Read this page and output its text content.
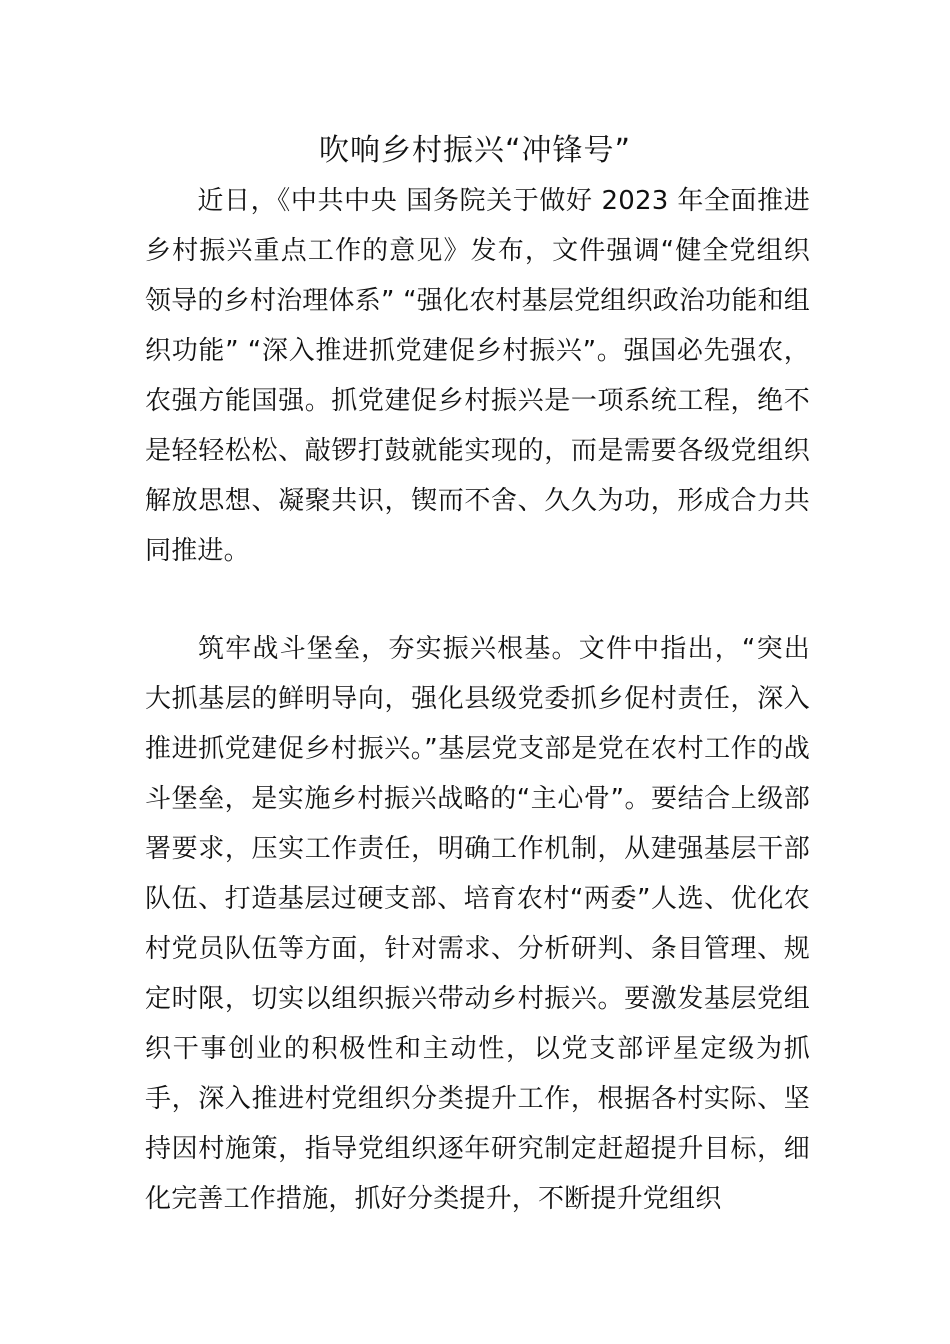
吹响乡村振兴“冲锋号”

近日，《中共中央 国务院关于做好 2023 年全面推进乡村振兴重点工作的意见》发布，文件强调“健全党组织领导的乡村治理体系” “强化农村基层党组织政治功能和组织功能” “深入推进抓党建促乡村振兴”。强国必先强农，农强方能国强。抓党建促乡村振兴是一项系统工程，绝不是轻轻松松、敲锣打鼓就能实现的，而是需要各级党组织解放思想、凝聚共识，锲而不舍、久久为功，形成合力共同推进。

筑牢战斗堡垒，夯实振兴根基。文件中指出，“突出大抓基层的鲜明导向，强化县级党委抓乡促村责任，深入推进抓党建促乡村振兴。”基层党支部是党在农村工作的战斗堡垒，是实施乡村振兴战略的“主心骨”。要结合上级部署要求，压实工作责任，明确工作机制，从建强基层干部队伍、打造基层过硬支部、培育农村“两委”人选、优化农村党员队伍等方面，针对需求、分析研判、条目管理、规定时限，切实以组织振兴带动乡村振兴。要激发基层党组织干事创业的积极性和主动性，以党支部评星定级为抓手，深入推进村党组织分类提升工作，根据各村实际、坚持因村施策，指导党组织逐年研究制定赶超提升目标，细化完善工作措施，抓好分类提升，不断提升党组织
